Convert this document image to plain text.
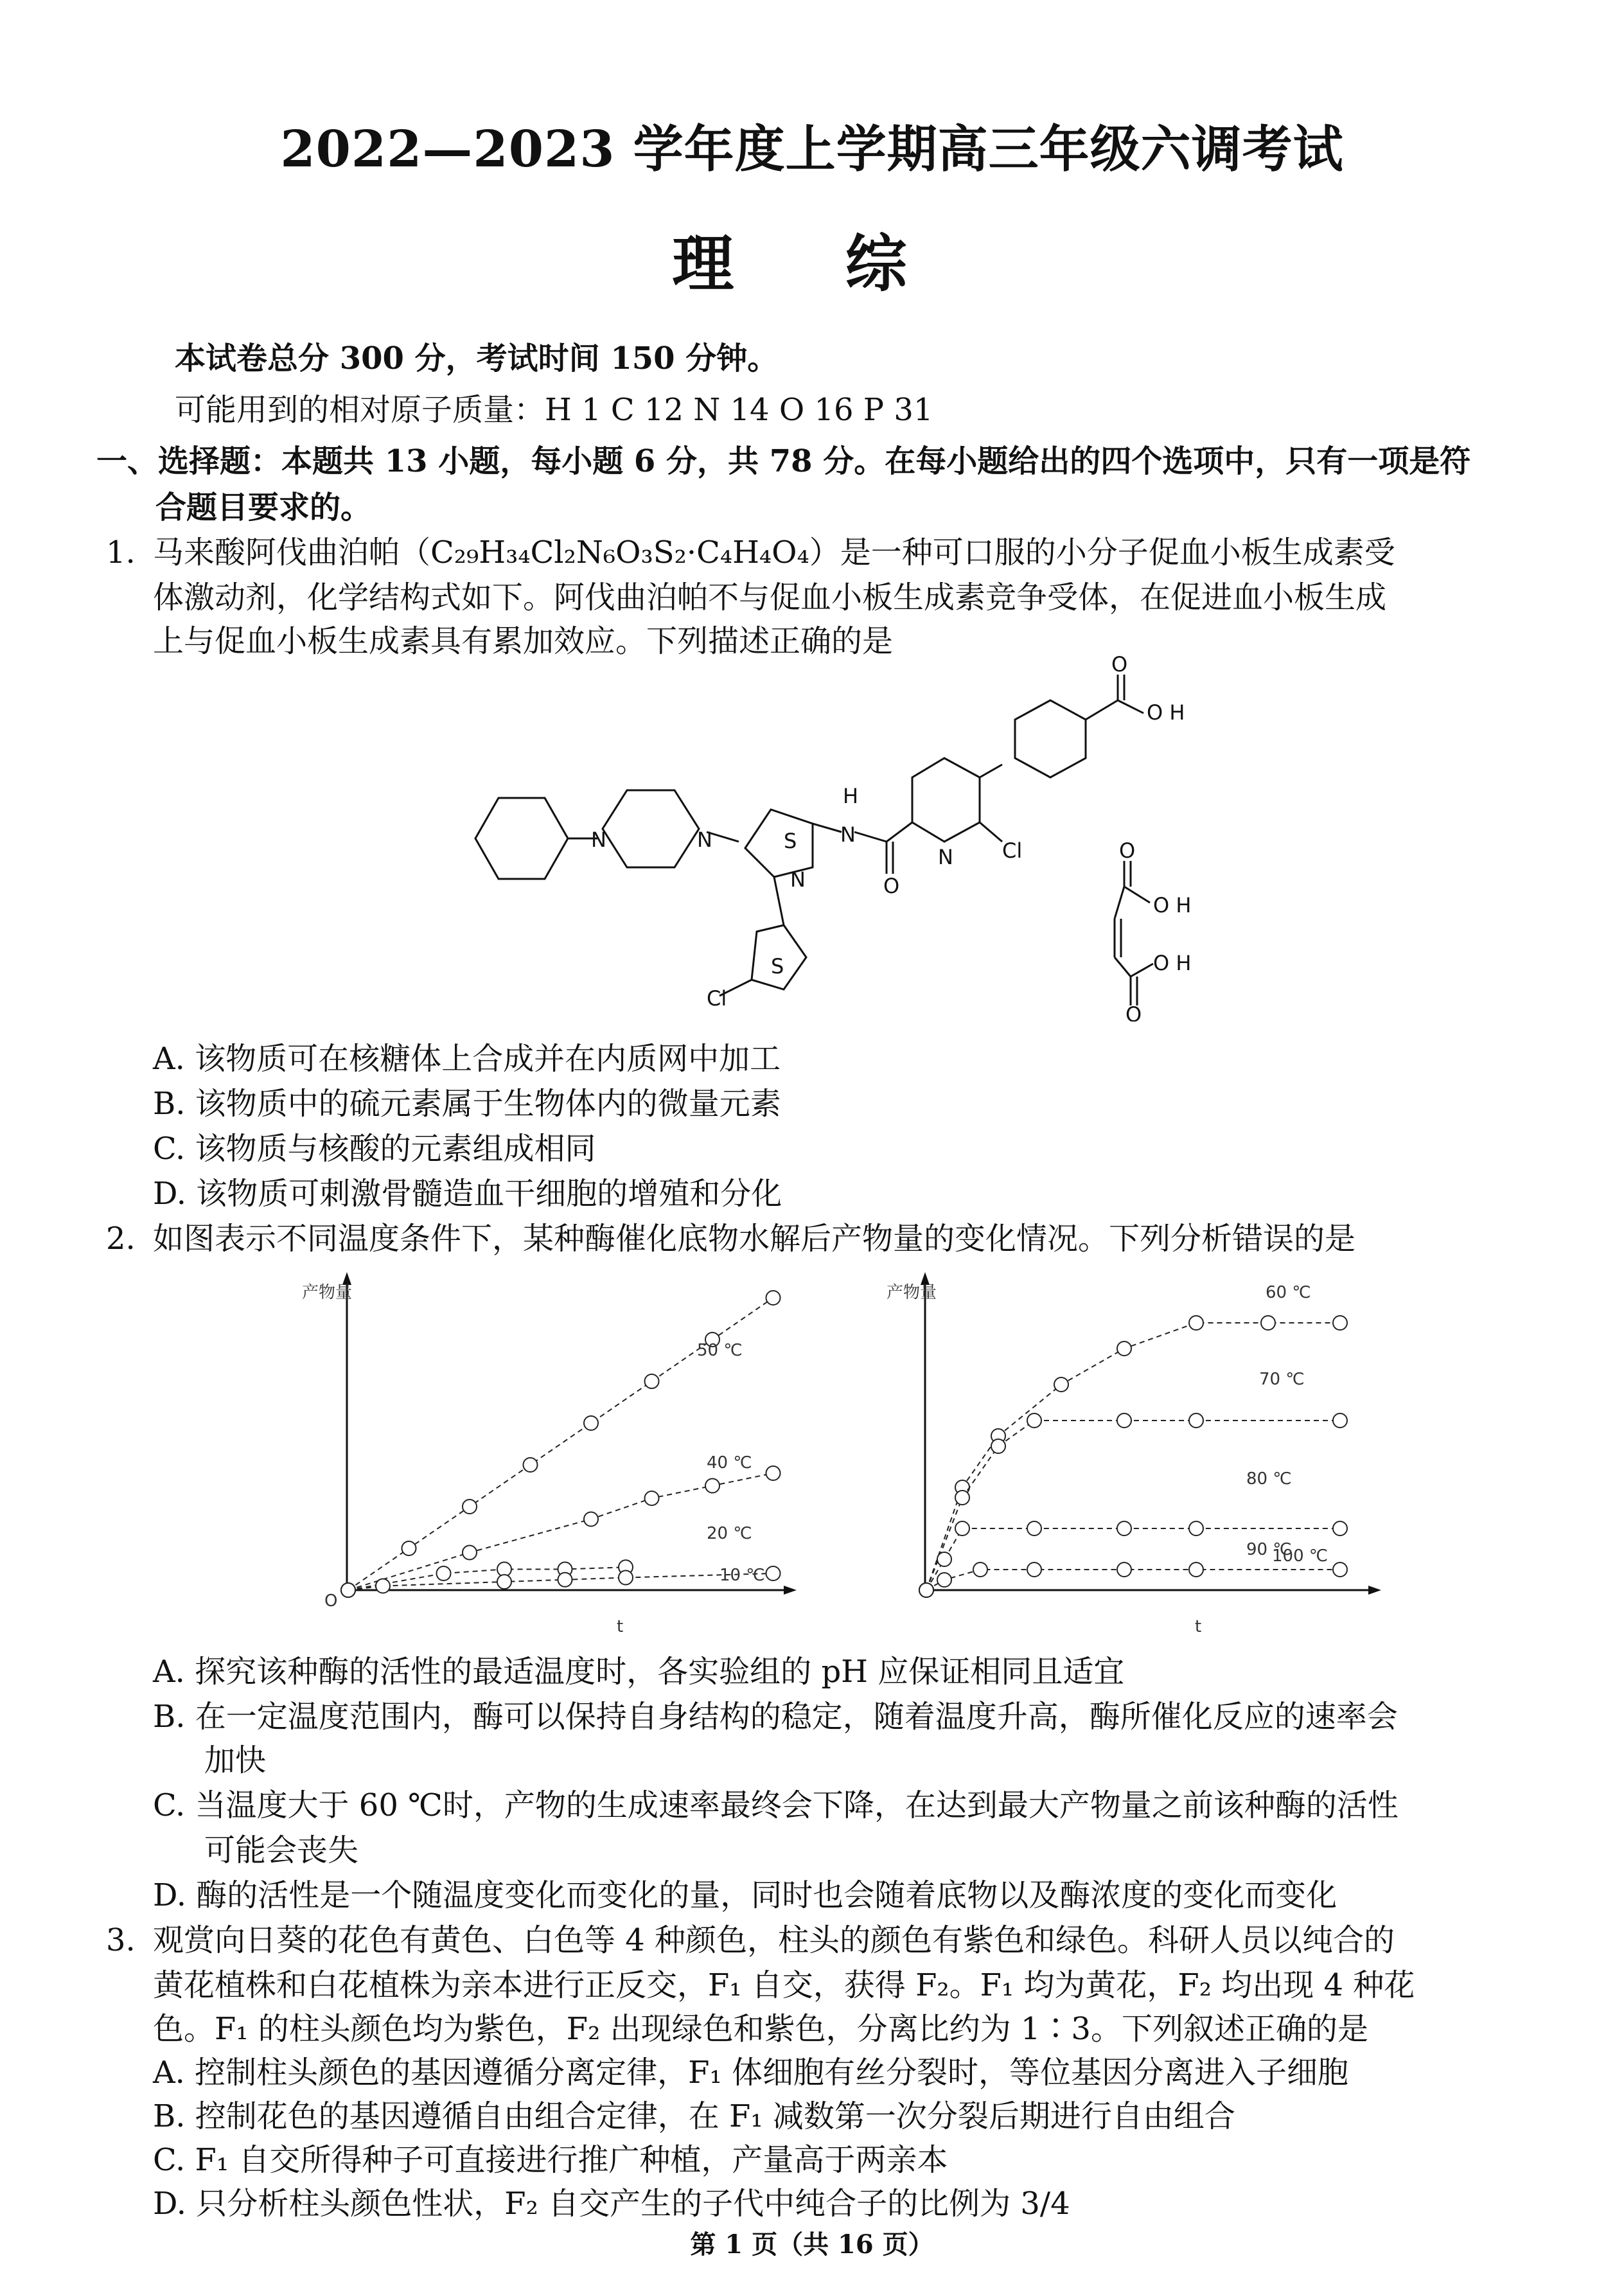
2022—2023 学年度上学期高三年级六调考试
理 综
本试卷总分 300 分，考试时间 150 分钟。
可能用到的相对原子质量：H 1 C 12 N 14 O 16 P 31
一、选择题：本题共 13 小题，每小题 6 分，共 78 分。在每小题给出的四个选项中，只有一项是符
合题目要求的。
1. 马来酸阿伐曲泊帕（C₂₉H₃₄Cl₂N₆O₃S₂·C₄H₄O₄）是一种可口服的小分子促血小板生成素受
体激动剂，化学结构式如下。阿伐曲泊帕不与促血小板生成素竞争受体，在促进血小板生成
上与促血小板生成素具有累加效应。下列描述正确的是
N	N	S
N
S
Cl
H
N
O
N Cl
O
O H
O
O H
O H
O
A. 该物质可在核糖体上合成并在内质网中加工
B. 该物质中的硫元素属于生物体内的微量元素
C. 该物质与核酸的元素组成相同
D. 该物质可刺激骨髓造血干细胞的增殖和分化
2. 如图表示不同温度条件下，某种酶催化底物水解后产物量的变化情况。下列分析错误的是
产物量
O
t
50 ℃
40 ℃
20 ℃
10 ℃
产物量
t
60 ℃
70 ℃
80 ℃
90 ℃
100 ℃
A. 探究该种酶的活性的最适温度时，各实验组的 pH 应保证相同且适宜
B. 在一定温度范围内，酶可以保持自身结构的稳定，随着温度升高，酶所催化反应的速率会
加快
C. 当温度大于 60 ℃时，产物的生成速率最终会下降，在达到最大产物量之前该种酶的活性
可能会丧失
D. 酶的活性是一个随温度变化而变化的量，同时也会随着底物以及酶浓度的变化而变化
3. 观赏向日葵的花色有黄色、白色等 4 种颜色，柱头的颜色有紫色和绿色。科研人员以纯合的
黄花植株和白花植株为亲本进行正反交，F₁ 自交，获得 F₂。F₁ 均为黄花，F₂ 均出现 4 种花
色。F₁ 的柱头颜色均为紫色，F₂ 出现绿色和紫色，分离比约为 1∶3。下列叙述正确的是
A. 控制柱头颜色的基因遵循分离定律，F₁ 体细胞有丝分裂时，等位基因分离进入子细胞
B. 控制花色的基因遵循自由组合定律，在 F₁ 减数第一次分裂后期进行自由组合
C. F₁ 自交所得种子可直接进行推广种植，产量高于两亲本
D. 只分析柱头颜色性状，F₂ 自交产生的子代中纯合子的比例为 3/4
第 1 页（共 16 页）
